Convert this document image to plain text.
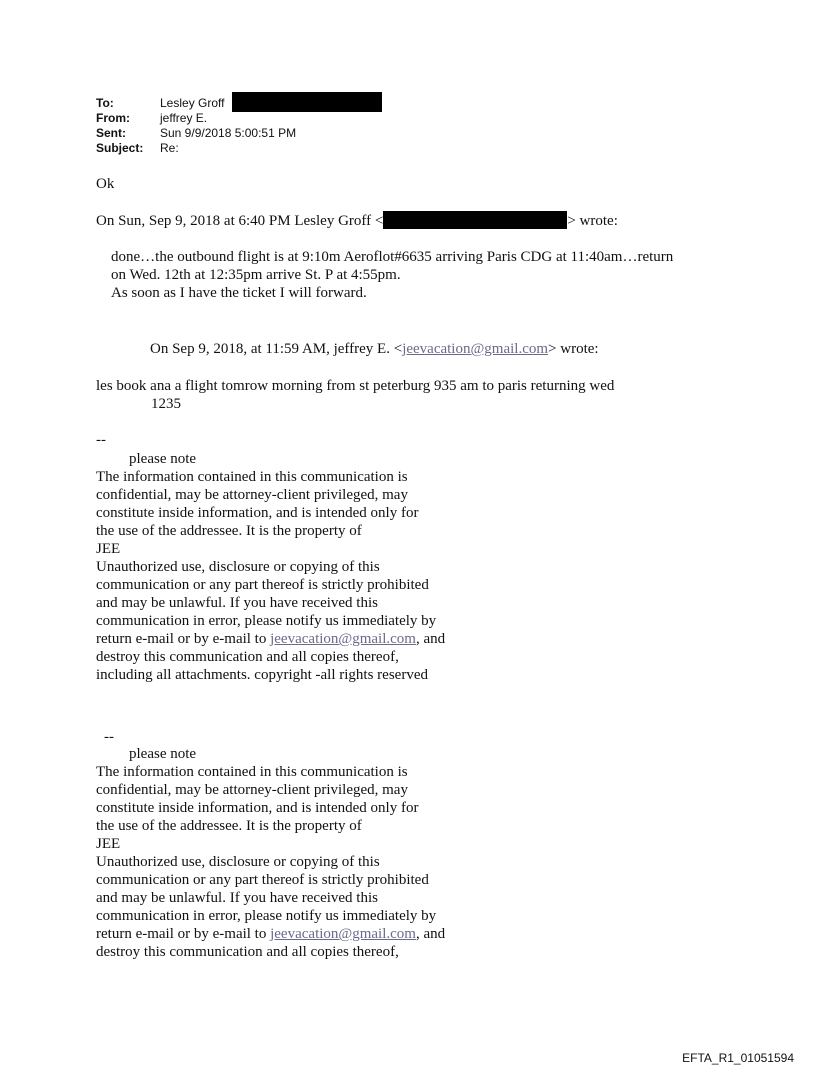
To:	Lesley Groff
From:	jeffrey E.
Sent:	Sun 9/9/2018 5:00:51 PM
Subject: Re:
Ok
On Sun, Sep 9, 2018 at 6:40 PM Lesley Groff <	> wrote:
done…the outbound flight is at 9:10m Aeroflot#6635 arriving Paris CDG at 11:40am…return
on Wed. 12th at 12:35pm arrive St. P at 4:55pm.
As soon as I have the ticket I will forward.
On Sep 9, 2018, at 11:59 AM, jeffrey E. <jeevacation@gmail.com> wrote:
les book ana a flight tomrow morning from st peterburg 935 am to paris returning wed
1235
--
please note
The information contained in this communication is
confidential, may be attorney-client privileged, may
constitute inside information, and is intended only for
the use of the addressee. It is the property of
JEE
Unauthorized use, disclosure or copying of this
communication or any part thereof is strictly prohibited
and may be unlawful. If you have received this
communication in error, please notify us immediately by
return e-mail or by e-mail to jeevacation@gmail.com, and
destroy this communication and all copies thereof,
including all attachments. copyright -all rights reserved
--
please note
The information contained in this communication is
confidential, may be attorney-client privileged, may
constitute inside information, and is intended only for
the use of the addressee. It is the property of
JEE
Unauthorized use, disclosure or copying of this
communication or any part thereof is strictly prohibited
and may be unlawful. If you have received this
communication in error, please notify us immediately by
return e-mail or by e-mail to jeevacation@gmail.com, and
destroy this communication and all copies thereof,
EFTA_R1_01051594
